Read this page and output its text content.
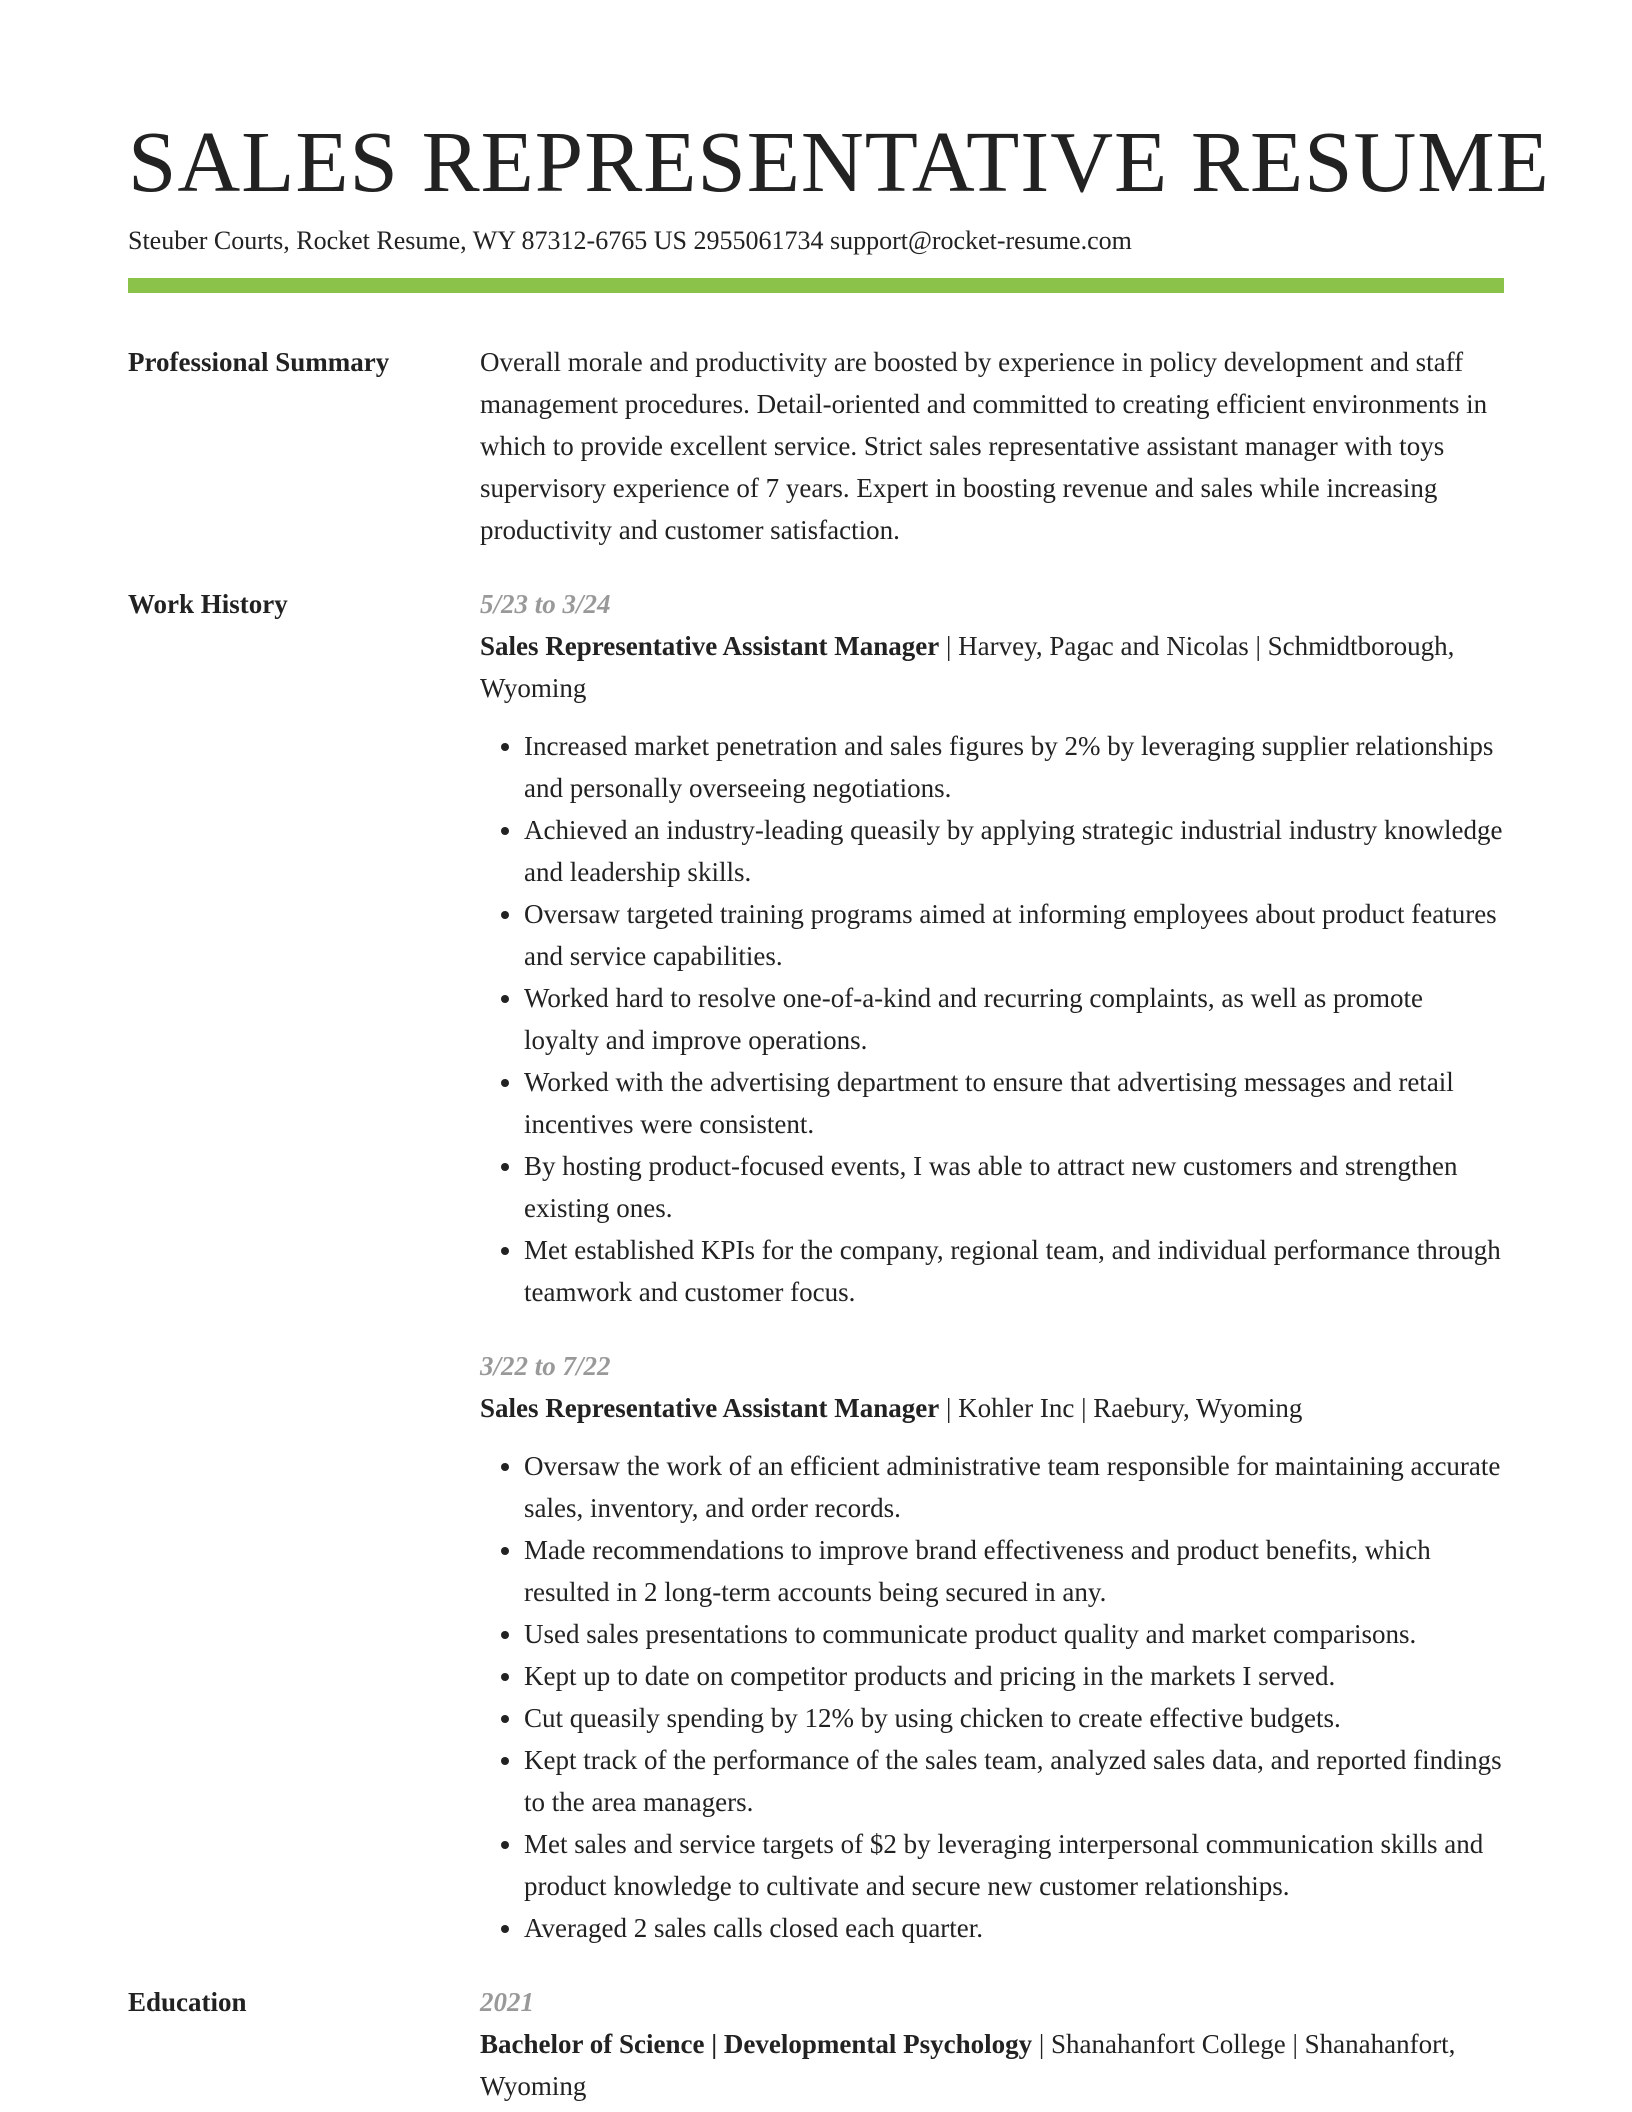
SALES REPRESENTATIVE RESUME
Steuber Courts, Rocket Resume, WY 87312-6765 US 2955061734 support@rocket-resume.com
Professional Summary	Overall morale and productivity are boosted by experience in policy development and staff management procedures. Detail-oriented and committed to creating efficient environments in which to provide excellent service. Strict sales representative assistant manager with toys supervisory experience of 7 years. Expert in boosting revenue and sales while increasing productivity and customer satisfaction.
Work History	5/23 to 3/24
Sales Representative Assistant Manager | Harvey, Pagac and Nicolas | Schmidtborough, Wyoming
• Increased market penetration and sales figures by 2% by leveraging supplier relationships and personally overseeing negotiations.
• Achieved an industry-leading queasily by applying strategic industrial industry knowledge and leadership skills.
• Oversaw targeted training programs aimed at informing employees about product features and service capabilities.
• Worked hard to resolve one-of-a-kind and recurring complaints, as well as promote loyalty and improve operations.
• Worked with the advertising department to ensure that advertising messages and retail incentives were consistent.
• By hosting product-focused events, I was able to attract new customers and strengthen existing ones.
• Met established KPIs for the company, regional team, and individual performance through teamwork and customer focus.
3/22 to 7/22
Sales Representative Assistant Manager | Kohler Inc | Raebury, Wyoming
• Oversaw the work of an efficient administrative team responsible for maintaining accurate sales, inventory, and order records.
• Made recommendations to improve brand effectiveness and product benefits, which resulted in 2 long-term accounts being secured in any.
• Used sales presentations to communicate product quality and market comparisons.
• Kept up to date on competitor products and pricing in the markets I served.
• Cut queasily spending by 12% by using chicken to create effective budgets.
• Kept track of the performance of the sales team, analyzed sales data, and reported findings to the area managers.
• Met sales and service targets of $2 by leveraging interpersonal communication skills and product knowledge to cultivate and secure new customer relationships.
• Averaged 2 sales calls closed each quarter.
Education	2021
Bachelor of Science | Developmental Psychology | Shanahanfort College | Shanahanfort, Wyoming
